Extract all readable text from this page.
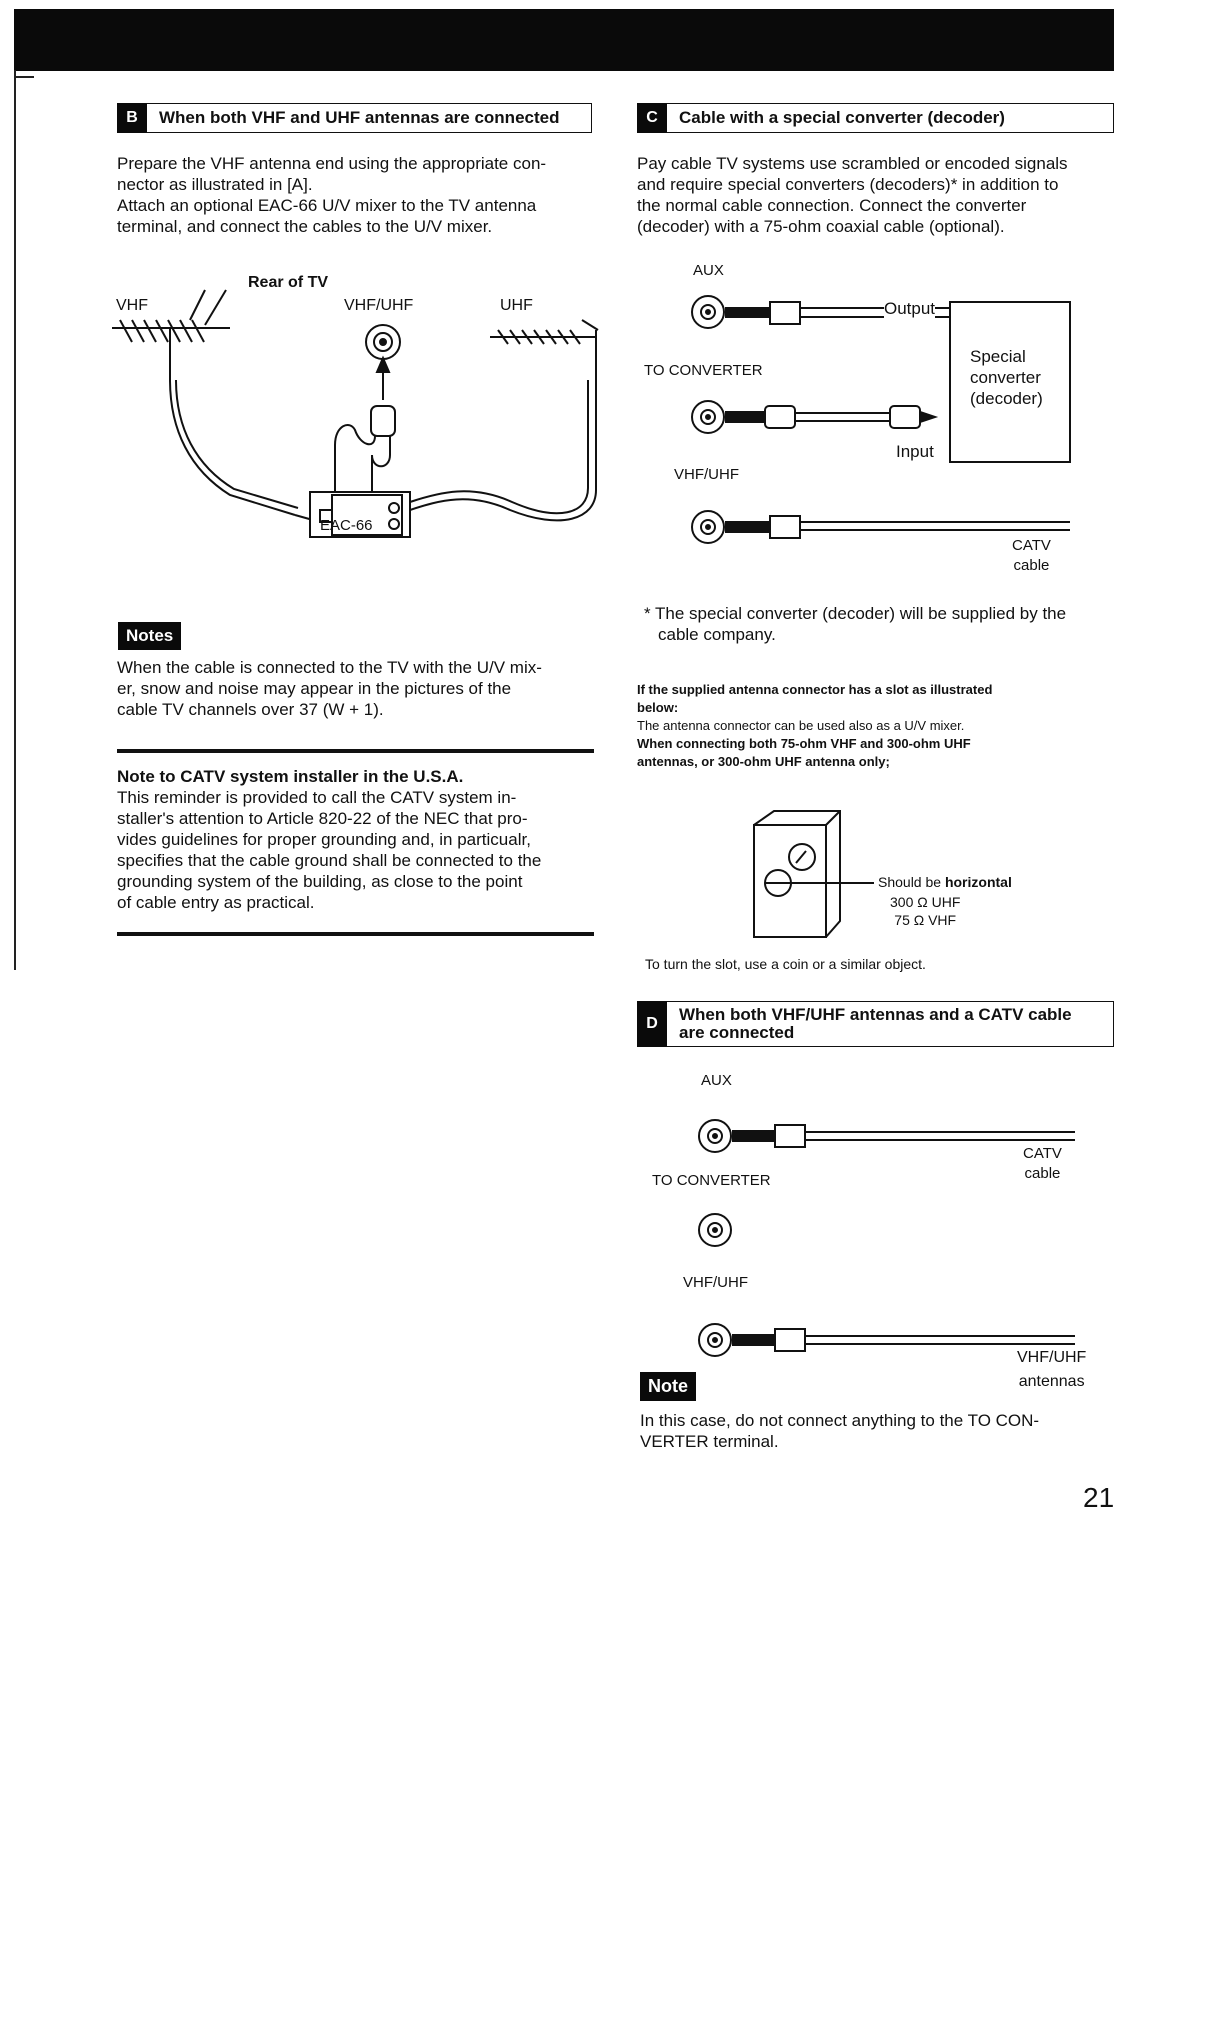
B	When both VHF and UHF antennas are connected
Prepare the VHF antenna end using the appropriate con-
nector as illustrated in [A].
Attach an optional EAC-66 U/V mixer to the TV antenna
terminal, and connect the cables to the U/V mixer.
Rear of TV
VHF	VHF/UHF	UHF
EAC-66
Notes
When the cable is connected to the TV with the U/V mix-
er, snow and noise may appear in the pictures of the
cable TV channels over 37 (W + 1).
Note to CATV system installer in the U.S.A.
This reminder is provided to call the CATV system in-
staller's attention to Article 820-22 of the NEC that pro-
vides guidelines for proper grounding and, in particualr,
specifies that the cable ground shall be connected to the
grounding system of the building, as close to the point
of cable entry as practical.
C	Cable with a special converter (decoder)
Pay cable TV systems use scrambled or encoded signals
and require special converters (decoders)* in addition to
the normal cable connection. Connect the converter
(decoder) with a 75-ohm coaxial cable (optional).
AUX
Output
TO CONVERTER
Input
VHF/UHF
Special
converter
(decoder)
CATV
cable
* The special converter (decoder) will be supplied by the
cable company.
If the supplied antenna connector has a slot as illustrated
below:
The antenna connector can be used also as a U/V mixer.
When connecting both 75-ohm VHF and 300-ohm UHF
antennas, or 300-ohm UHF antenna only;
Should be horizontal
300 Ω UHF
75 Ω VHF
To turn the slot, use a coin or a similar object.
D	When both VHF/UHF antennas and a CATV cable
are connected
AUX
CATV
cable
TO CONVERTER
VHF/UHF
VHF/UHF
antennas
Note
In this case, do not connect anything to the TO CON-
VERTER terminal.
21
